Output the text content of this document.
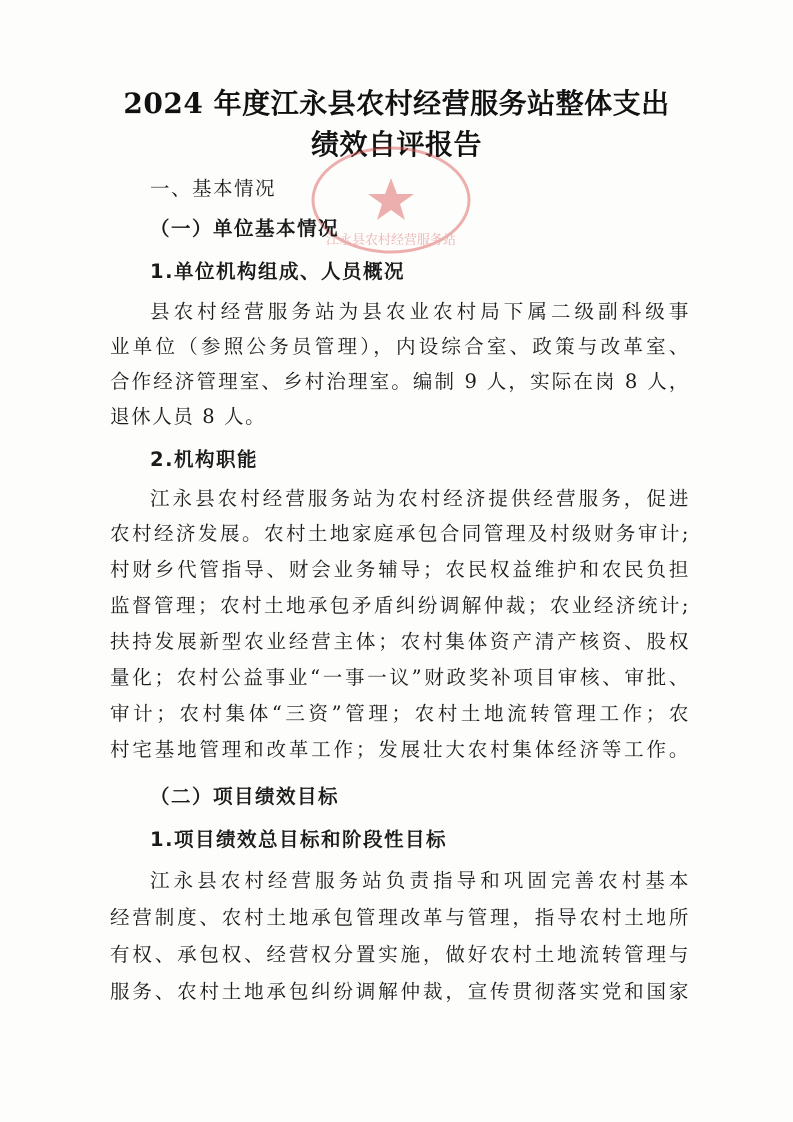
2024 年度江永县农村经营服务站整体支出
绩效自评报告
江永县农村经营服务站
一、基本情况
（一）单位基本情况
1.单位机构组成、人员概况
县农村经营服务站为县农业农村局下属二级副科级事
业单位（参照公务员管理），内设综合室、政策与改革室、
合作经济管理室、乡村治理室。编制 9 人，实际在岗 8 人，
退休人员 8 人。
2.机构职能
江永县农村经营服务站为农村经济提供经营服务，促进
农村经济发展。农村土地家庭承包合同管理及村级财务审计;
村财乡代管指导、财会业务辅导；农民权益维护和农民负担
监督管理；农村土地承包矛盾纠纷调解仲裁；农业经济统计;
扶持发展新型农业经营主体；农村集体资产清产核资、股权
量化；农村公益事业“一事一议”财政奖补项目审核、审批、
审计；农村集体“三资”管理；农村土地流转管理工作；农
村宅基地管理和改革工作；发展壮大农村集体经济等工作。
（二）项目绩效目标
1.项目绩效总目标和阶段性目标
江永县农村经营服务站负责指导和巩固完善农村基本
经营制度、农村土地承包管理改革与管理，指导农村土地所
有权、承包权、经营权分置实施，做好农村土地流转管理与
服务、农村土地承包纠纷调解仲裁，宣传贯彻落实党和国家
